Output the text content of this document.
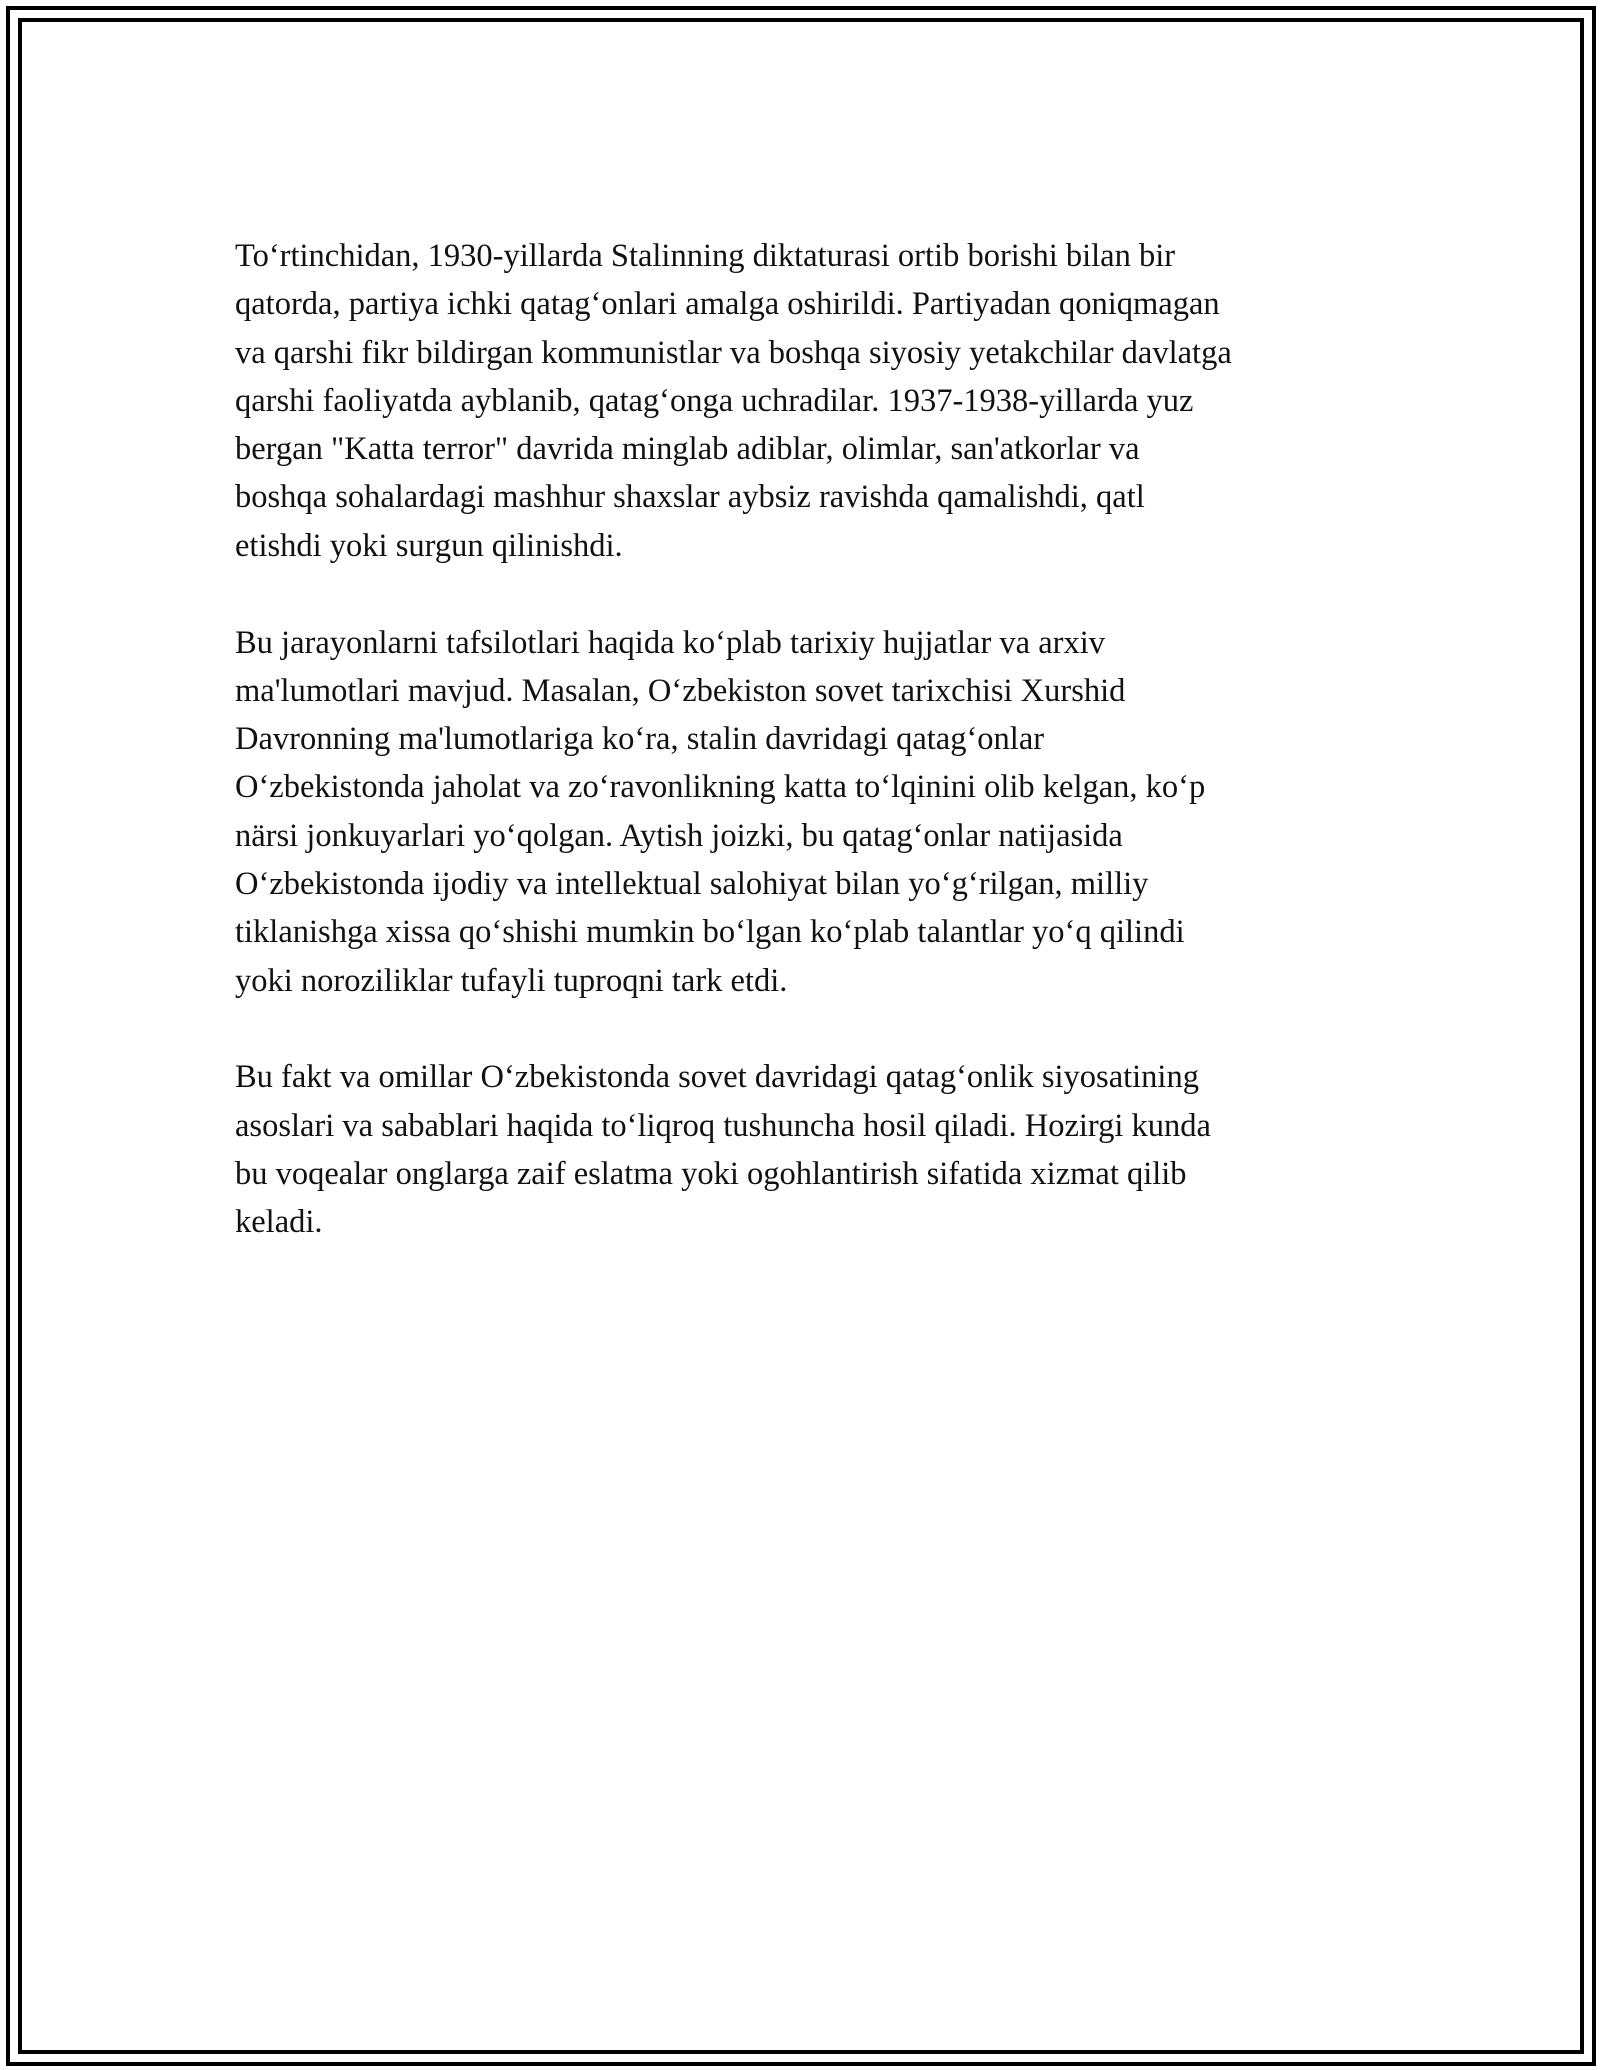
To‘rtinchidan, 1930-yillarda Stalinning diktaturasi ortib borishi bilan bir
qatorda, partiya ichki qatag‘onlari amalga oshirildi. Partiyadan qoniqmagan
va qarshi fikr bildirgan kommunistlar va boshqa siyosiy yetakchilar davlatga
qarshi faoliyatda ayblanib, qatag‘onga uchradilar. 1937-1938-yillarda yuz
bergan "Katta terror" davrida minglab adiblar, olimlar, san'atkorlar va
boshqa sohalardagi mashhur shaxslar aybsiz ravishda qamalishdi, qatl
etishdi yoki surgun qilinishdi.

Bu jarayonlarni tafsilotlari haqida ko‘plab tarixiy hujjatlar va arxiv
ma'lumotlari mavjud. Masalan, O‘zbekiston sovet tarixchisi Xurshid
Davronning ma'lumotlariga ko‘ra, stalin davridagi qatag‘onlar
O‘zbekistonda jaholat va zo‘ravonlikning katta to‘lqinini olib kelgan, ko‘p
närsi jonkuyarlari yo‘qolgan. Aytish joizki, bu qatag‘onlar natijasida
O‘zbekistonda ijodiy va intellektual salohiyat bilan yo‘g‘rilgan, milliy
tiklanishga xissa qo‘shishi mumkin bo‘lgan ko‘plab talantlar yo‘q qilindi
yoki noroziliklar tufayli tuproqni tark etdi.

Bu fakt va omillar O‘zbekistonda sovet davridagi qatag‘onlik siyosatining
asoslari va sabablari haqida to‘liqroq tushuncha hosil qiladi. Hozirgi kunda
bu voqealar onglarga zaif eslatma yoki ogohlantirish sifatida xizmat qilib
keladi.
